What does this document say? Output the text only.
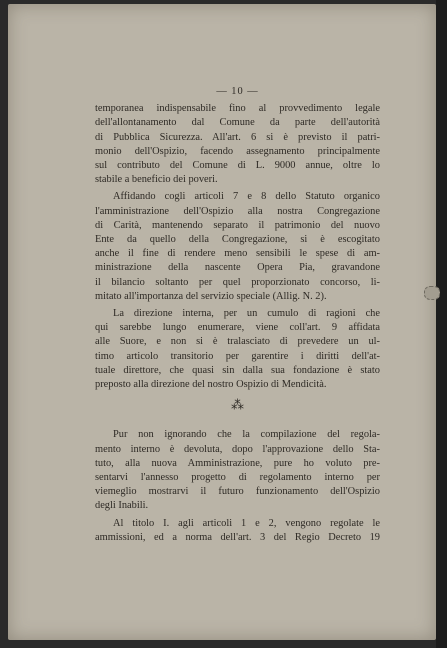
— 10 —
temporanea indispensabile fino al provvedimento legale
dell'allontanamento dal Comune da parte dell'autorità
di Pubblica Sicurezza. All'art. 6 si è previsto il patri-
monio dell'Ospizio, facendo assegnamento principalmente
sul contributo del Comune di L. 9000 annue, oltre lo
stabile a beneficio dei poveri.
Affidando cogli articoli 7 e 8 dello Statuto organico
l'amministrazione dell'Ospizio alla nostra Congregazione
di Carità, mantenendo separato il patrimonio del nuovo
Ente da quello della Congregazione, si è escogitato
anche il fine di rendere meno sensibili le spese di am-
ministrazione della nascente Opera Pia, gravandone
il bilancio soltanto per quel proporzionato concorso, li-
mitato all'importanza del servizio speciale (Allig. N. 2).
La direzione interna, per un cumulo di ragioni che
qui sarebbe lungo enumerare, viene coll'art. 9 affidata
alle Suore, e non si è tralasciato di prevedere un ul-
timo articolo transitorio per garentire i diritti dell'at-
tuale direttore, che quasi sin dalla sua fondazione è stato
preposto alla direzione del nostro Ospizio di Mendicità.
⁂
Pur non ignorando che la compilazione del regola-
mento interno è devoluta, dopo l'approvazione dello Sta-
tuto, alla nuova Amministrazione, pure ho voluto pre-
sentarvi l'annesso progetto di regolamento interno per
viemeglio mostrarvi il futuro funzionamento dell'Ospizio
degli Inabili.
Al titolo I. agli articoli 1 e 2, vengono regolate le
ammissioni, ed a norma dell'art. 3 del Regio Decreto 19
